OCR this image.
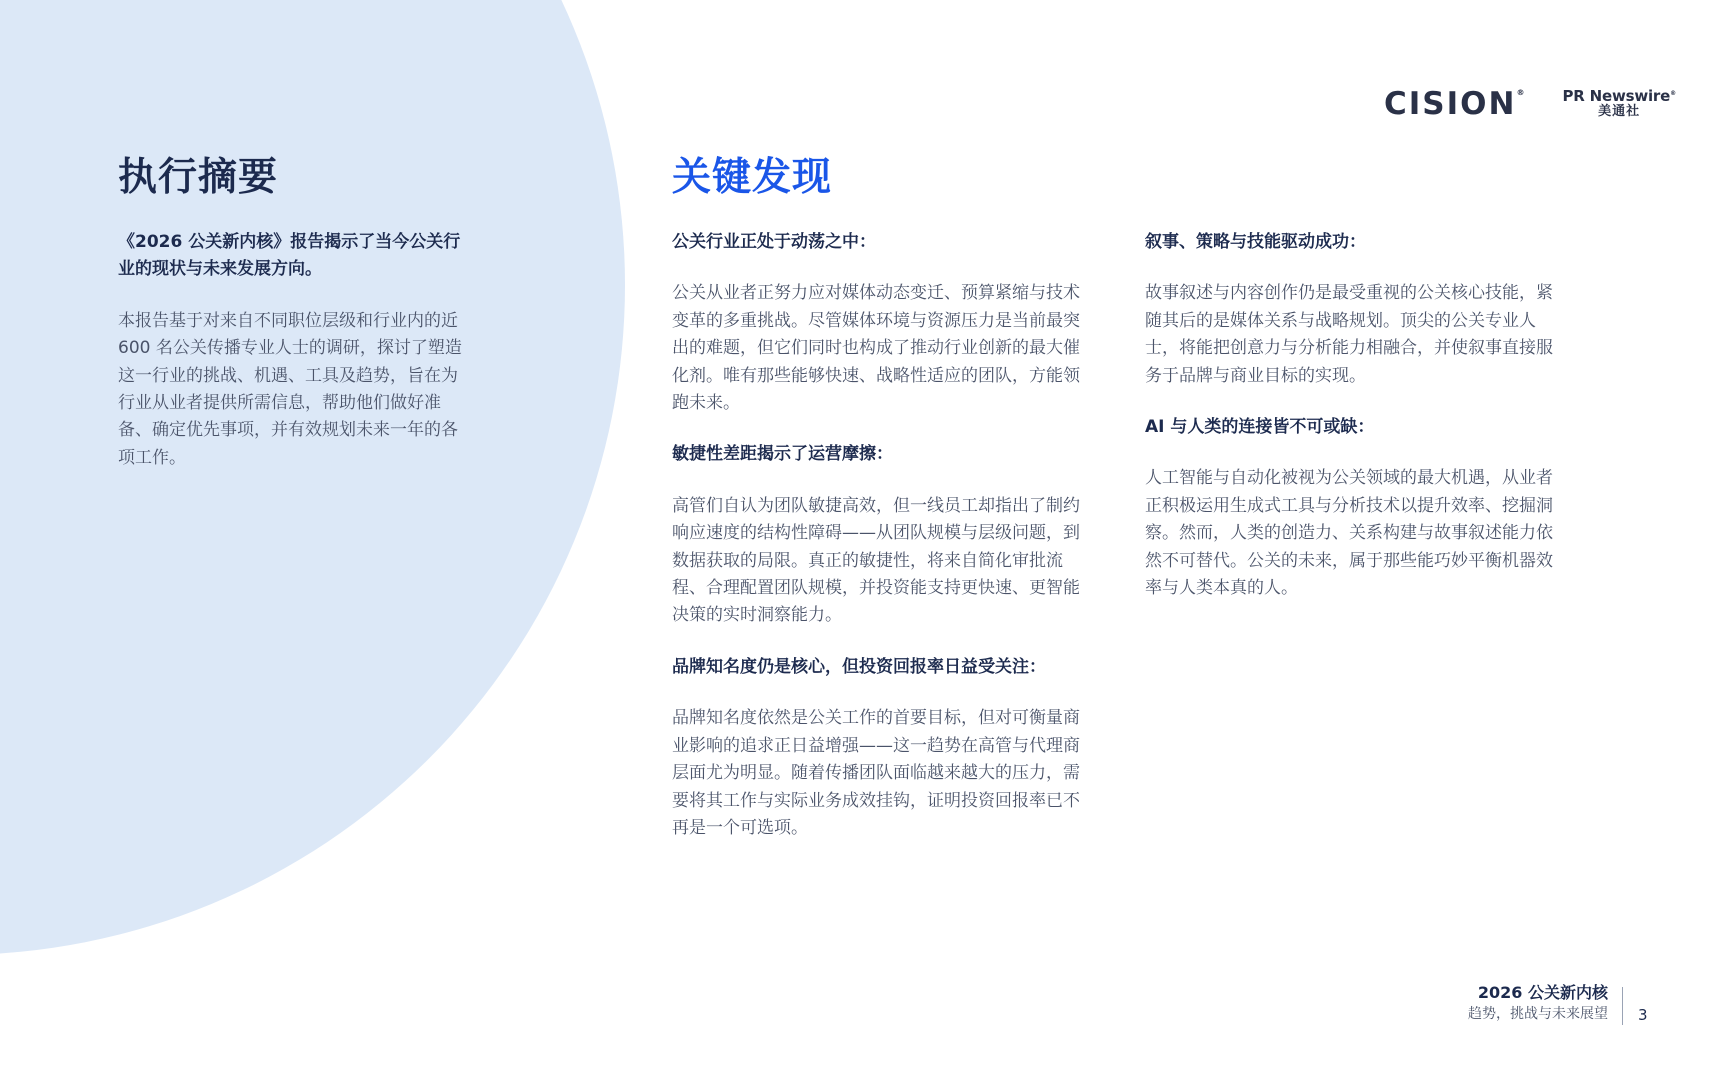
CISION®	PR Newswire®
美通社
执行摘要

《2026 公关新内核》报告揭示了当今公关行业的现状与未来发展方向。

本报告基于对来自不同职位层级和行业内的近 600 名公关传播专业人士的调研，探讨了塑造这一行业的挑战、机遇、工具及趋势，旨在为行业从业者提供所需信息，帮助他们做好准备、确定优先事项，并有效规划未来一年的各项工作。

关键发现

公关行业正处于动荡之中：

公关从业者正努力应对媒体动态变迁、预算紧缩与技术变革的多重挑战。尽管媒体环境与资源压力是当前最突出的难题，但它们同时也构成了推动行业创新的最大催化剂。唯有那些能够快速、战略性适应的团队，方能领跑未来。

敏捷性差距揭示了运营摩擦：

高管们自认为团队敏捷高效，但一线员工却指出了制约响应速度的结构性障碍——从团队规模与层级问题，到数据获取的局限。真正的敏捷性，将来自简化审批流程、合理配置团队规模，并投资能支持更快速、更智能决策的实时洞察能力。

品牌知名度仍是核心，但投资回报率日益受关注：

品牌知名度依然是公关工作的首要目标，但对可衡量商业影响的追求正日益增强——这一趋势在高管与代理商层面尤为明显。随着传播团队面临越来越大的压力，需要将其工作与实际业务成效挂钩，证明投资回报率已不再是一个可选项。

叙事、策略与技能驱动成功：

故事叙述与内容创作仍是最受重视的公关核心技能，紧随其后的是媒体关系与战略规划。顶尖的公关专业人士，将能把创意力与分析能力相融合，并使叙事直接服务于品牌与商业目标的实现。

AI 与人类的连接皆不可或缺：

人工智能与自动化被视为公关领域的最大机遇，从业者正积极运用生成式工具与分析技术以提升效率、挖掘洞察。然而，人类的创造力、关系构建与故事叙述能力依然不可替代。公关的未来，属于那些能巧妙平衡机器效率与人类本真的人。

2026 公关新内核
趋势，挑战与未来展望 3
